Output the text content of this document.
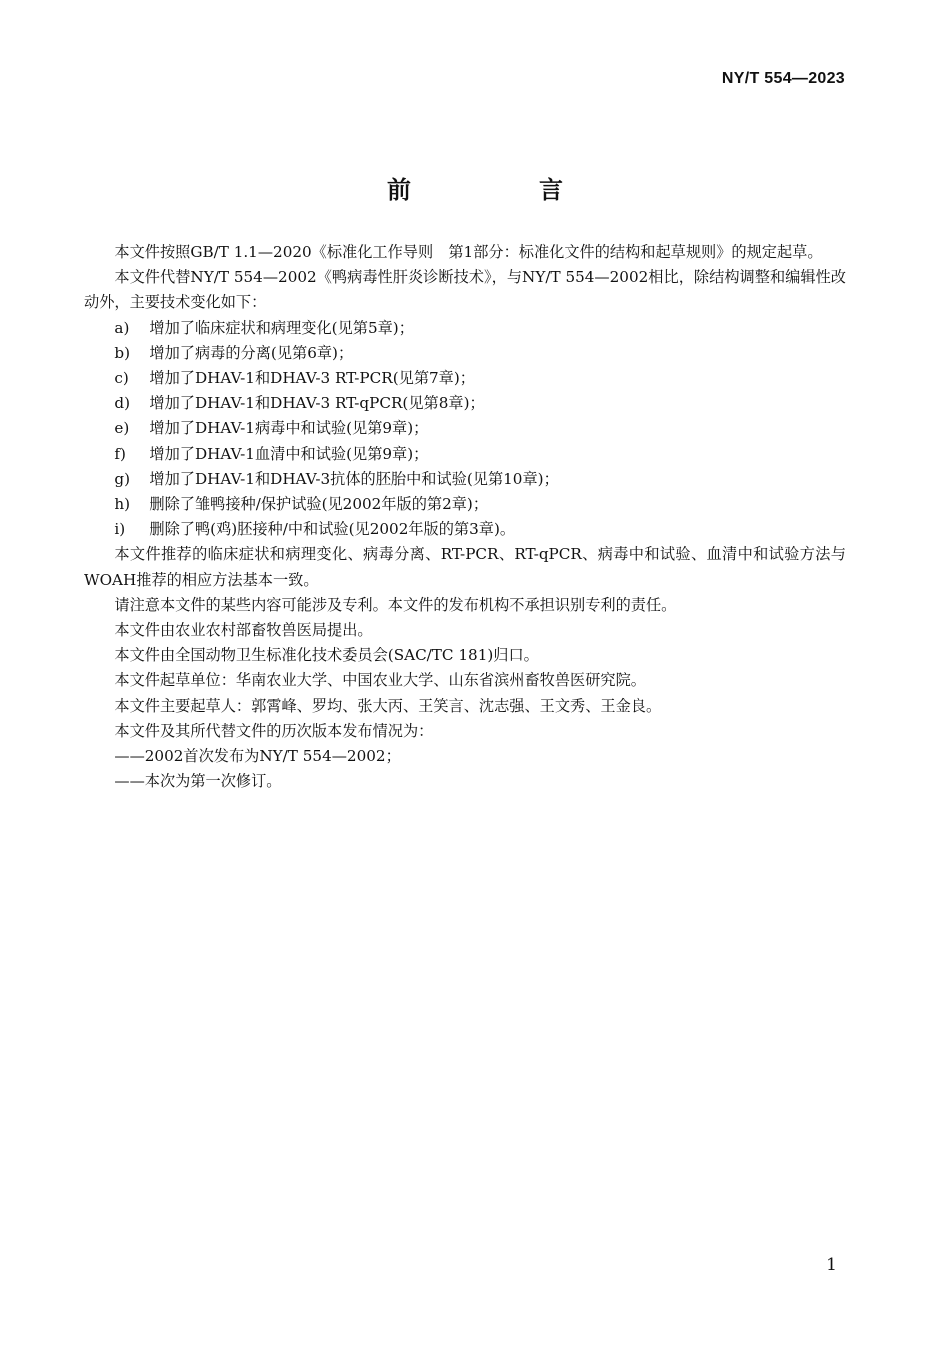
NY/T 554—2023
前　言

本文件按照GB/T 1.1—2020《标准化工作导则　第1部分：标准化文件的结构和起草规则》的规定起草。

本文件代替NY/T 554—2002《鸭病毒性肝炎诊断技术》，与NY/T 554—2002相比，除结构调整和编辑性改动外，主要技术变化如下：

a) 增加了临床症状和病理变化(见第5章)；

b) 增加了病毒的分离(见第6章)；

c) 增加了DHAV-1和DHAV-3 RT-PCR(见第7章)；

d) 增加了DHAV-1和DHAV-3 RT-qPCR(见第8章)；

e) 增加了DHAV-1病毒中和试验(见第9章)；

f) 增加了DHAV-1血清中和试验(见第9章)；

g) 增加了DHAV-1和DHAV-3抗体的胚胎中和试验(见第10章)；

h) 删除了雏鸭接种/保护试验(见2002年版的第2章)；

i) 删除了鸭(鸡)胚接种/中和试验(见2002年版的第3章)。

本文件推荐的临床症状和病理变化、病毒分离、RT-PCR、RT-qPCR、病毒中和试验、血清中和试验方法与WOAH推荐的相应方法基本一致。

请注意本文件的某些内容可能涉及专利。本文件的发布机构不承担识别专利的责任。

本文件由农业农村部畜牧兽医局提出。

本文件由全国动物卫生标准化技术委员会(SAC/TC 181)归口。

本文件起草单位：华南农业大学、中国农业大学、山东省滨州畜牧兽医研究院。

本文件主要起草人：郭霄峰、罗均、张大丙、王笑言、沈志强、王文秀、王金良。

本文件及其所代替文件的历次版本发布情况为：

——2002首次发布为NY/T 554—2002；

——本次为第一次修订。

1
